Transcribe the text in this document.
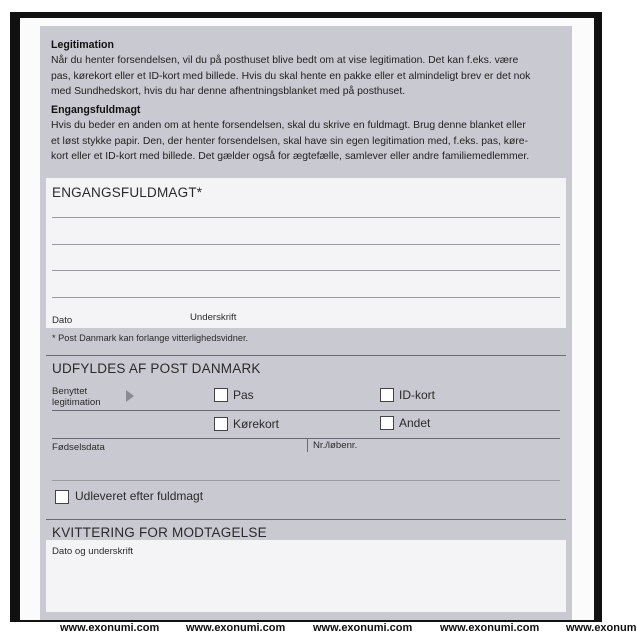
Legitimation
Når du henter forsendelsen, vil du på posthuset blive bedt om at vise legitimation. Det kan f.eks. være
pas, kørekort eller et ID-kort med billede. Hvis du skal hente en pakke eller et almindeligt brev er det nok
med Sundhedskort, hvis du har denne afhentningsblanket med på posthuset.
Engangsfuldmagt
Hvis du beder en anden om at hente forsendelsen, skal du skrive en fuldmagt. Brug denne blanket eller
et løst stykke papir. Den, der henter forsendelsen, skal have sin egen legitimation med, f.eks. pas, køre-
kort eller et ID-kort med billede. Det gælder også for ægtefælle, samlever eller andre familiemedlemmer.
ENGANGSFULDMAGT*
Dato	Underskrift
* Post Danmark kan forlange vitterlighedsvidner.
UDFYLDES AF POST DANMARK
Benyttet
legitimation
Pas	ID-kort
Kørekort	Andet
Fødselsdata	Nr./løbenr.
Udleveret efter fuldmagt
KVITTERING FOR MODTAGELSE
Dato og underskrift
www.exonumi.com www.exonumi.com	www.exonumi.com	www.exonumi.com www.exonum
